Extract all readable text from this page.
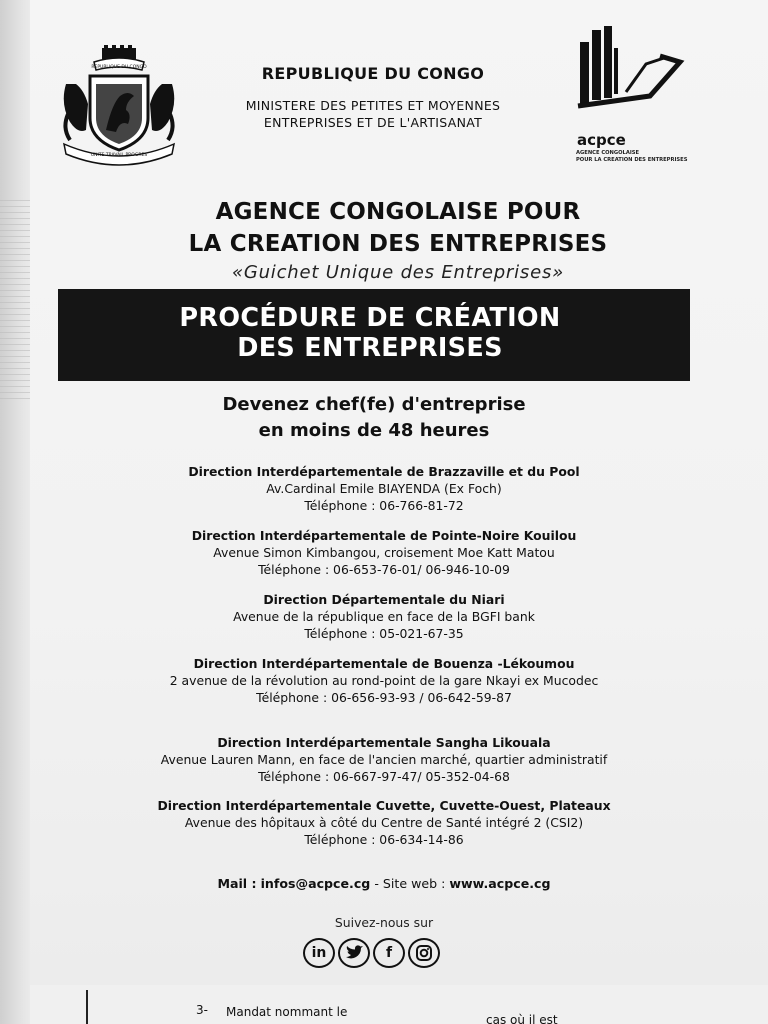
REPUBLIQUE DU CONGO
UNITE TRAVAIL PROGRES
REPUBLIQUE DU CONGO
MINISTERE DES PETITES ET MOYENNES
ENTREPRISES ET DE L'ARTISANAT
acpce
AGENCE CONGOLAISE
POUR LA CREATION DES ENTREPRISES
AGENCE CONGOLAISE POUR
LA CREATION DES ENTREPRISES
«Guichet Unique des Entreprises»
PROCÉDURE DE CRÉATION
DES ENTREPRISES
Devenez chef(fe) d'entreprise
en moins de 48 heures
Direction Interdépartementale de Brazzaville et du Pool
Av.Cardinal Emile BIAYENDA (Ex Foch)
Téléphone : 06-766-81-72
Direction Interdépartementale de Pointe-Noire Kouilou
Avenue Simon Kimbangou, croisement Moe Katt Matou
Téléphone : 06-653-76-01/ 06-946-10-09
Direction Départementale du Niari
Avenue de la république en face de la BGFI bank
Téléphone : 05-021-67-35
Direction Interdépartementale de Bouenza -Lékoumou
2 avenue de la révolution au rond-point de la gare Nkayi ex Mucodec
Téléphone : 06-656-93-93 / 06-642-59-87
Direction Interdépartementale Sangha Likouala
Avenue Lauren Mann, en face de l'ancien marché, quartier administratif
Téléphone : 06-667-97-47/ 05-352-04-68
Direction Interdépartementale Cuvette, Cuvette-Ouest, Plateaux
Avenue des hôpitaux à côté du Centre de Santé intégré 2 (CSI2)
Téléphone : 06-634-14-86
Mail : infos@acpce.cg - Site web : www.acpce.cg
Suivez-nous sur
in	f
3- Mandat nommant le
cas où il est
